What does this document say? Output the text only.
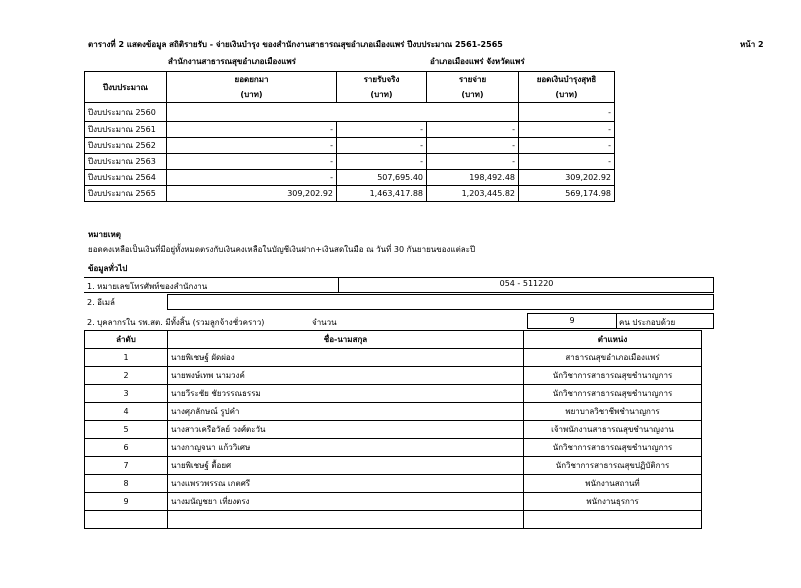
ตารางที่ 2 แสดงข้อมูล สถิติรายรับ - จ่ายเงินบำรุง ของสำนักงานสาธารณสุขอำเภอเมืองแพร่ ปีงบประมาณ 2561-2565	หน้า 2
สำนักงานสาธารณสุขอำเภอเมืองแพร่	อำเภอเมืองแพร่ จังหวัดแพร่
ปีงบประมาณ	ยอดยกมา	รายรับจริง	รายจ่าย	ยอดเงินบำรุงสุทธิ
	(บาท)	(บาท)	(บาท)	(บาท)
ปีงบประมาณ 2560				-
ปีงบประมาณ 2561	-	-	-	-
ปีงบประมาณ 2562	-	-	-	-
ปีงบประมาณ 2563	-	-	-	-
ปีงบประมาณ 2564	-	507,695.40	198,492.48	309,202.92
ปีงบประมาณ 2565	309,202.92	1,463,417.88	1,203,445.82	569,174.98
หมายเหตุ
ยอดคงเหลือเป็นเงินที่มีอยู่ทั้งหมดตรงกับเงินคงเหลือในบัญชีเงินฝาก+เงินสดในมือ ณ วันที่ 30 กันยายนของแต่ละปี
ข้อมูลทั่วไป
1. หมายเลขโทรศัพท์ของสำนักงาน	054 - 511220
2. อีเมล์
2. บุคลากรใน รพ.สต. มีทั้งสิ้น (รวมลูกจ้างชั่วคราว)	จำนวน	9	คน ประกอบด้วย
ลำดับ	ชื่อ-นามสกุล	ตำแหน่ง
1	นายพิเชษฐ์ ผัดผ่อง	สาธารณสุขอำเภอเมืองแพร่
2	นายพงษ์เทพ นามวงค์	นักวิชาการสาธารณสุขชำนาญการ
3	นายวีระชัย ชัยวรรณธรรม	นักวิชาการสาธารณสุขชำนาญการ
4	นางศุภลักษณ์ รูปคำ	พยาบาลวิชาชีพชำนาญการ
5	นางสาวเครือวัลย์ วงศ์ตะวัน	เจ้าพนักงานสาธารณสุขชำนาญงาน
6	นางกาญจนา แก้ววิเศษ	นักวิชาการสาธารณสุขชำนาญการ
7	นายพิเชษฐ์ ตื้อยศ	นักวิชาการสาธารณสุขปฏิบัติการ
8	นางแพรวพรรณ เกตศรี	พนักงานสถานที่
9	นางมนัญชยา เที่ยงตรง	พนักงานธุรการ
